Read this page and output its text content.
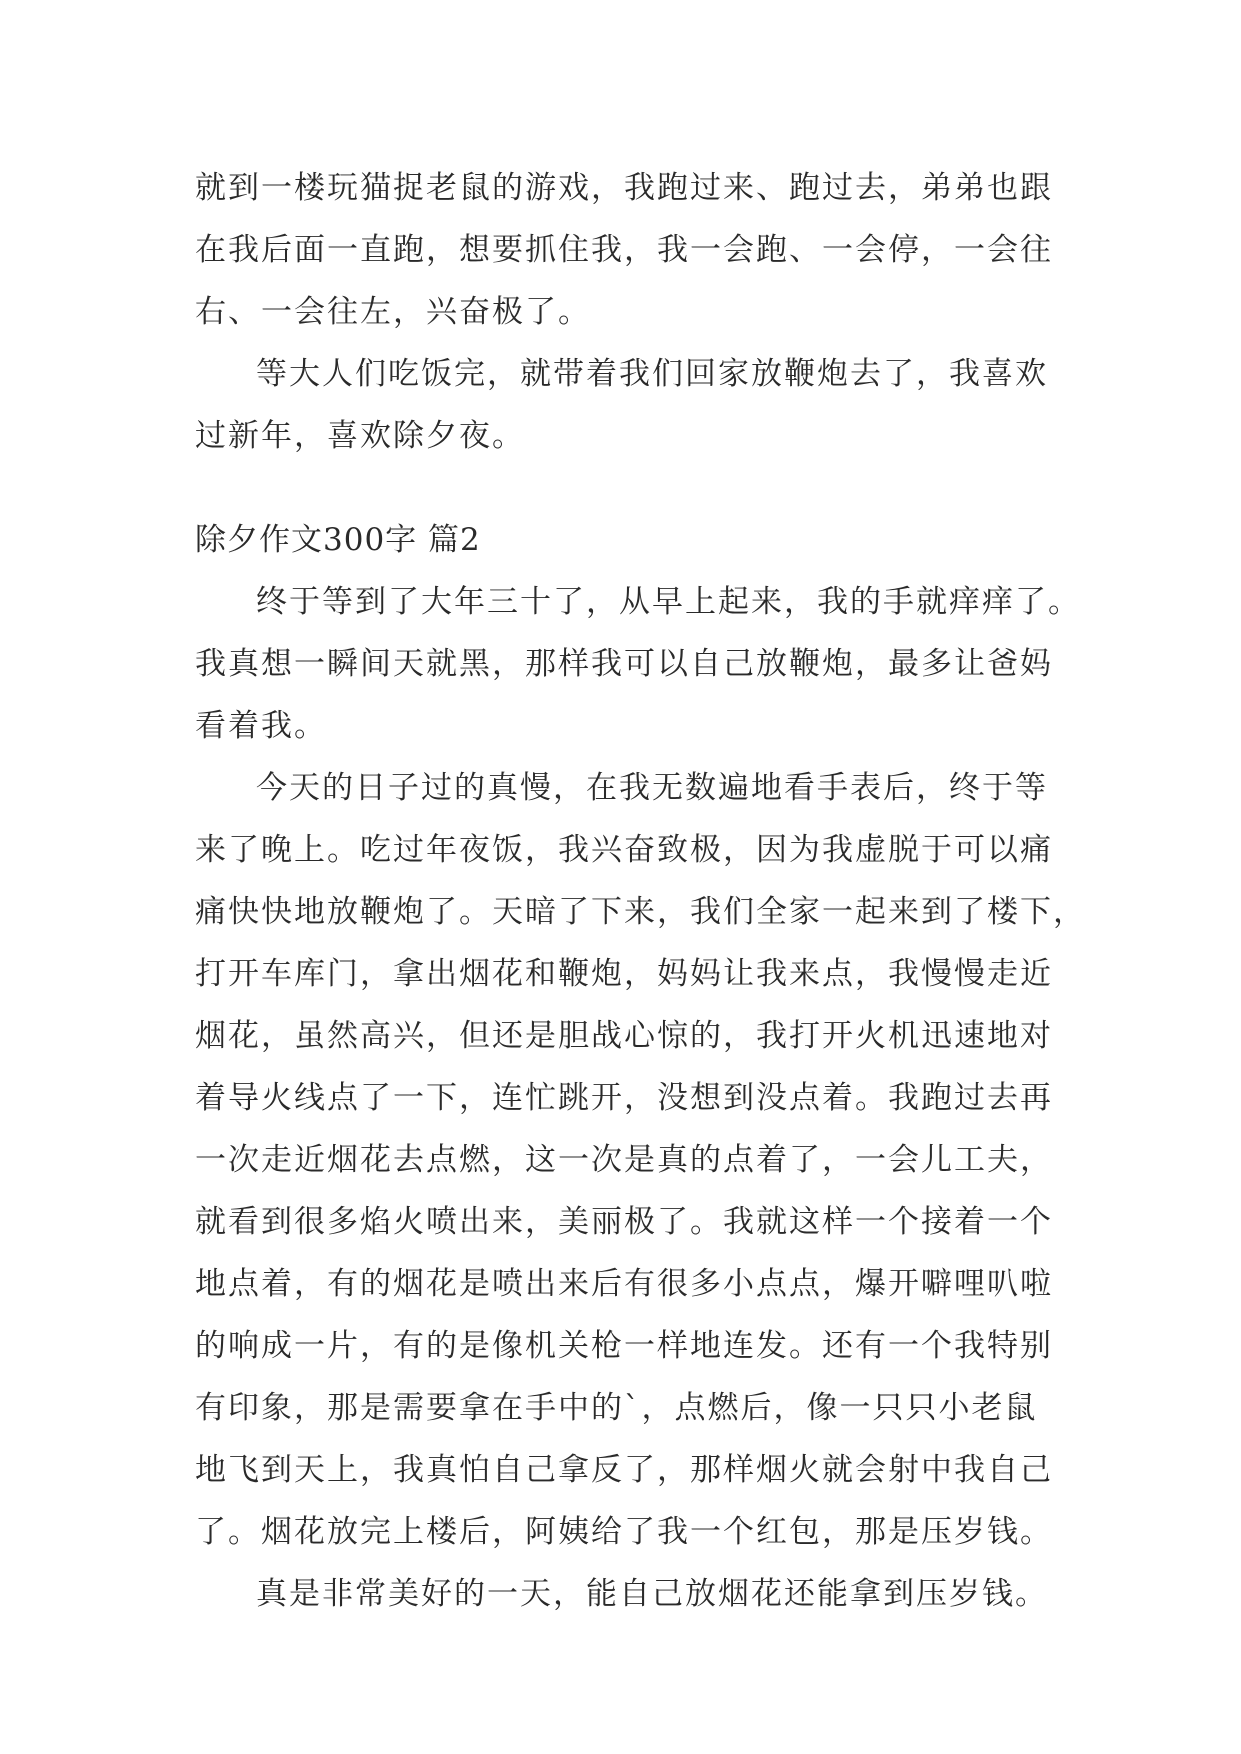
就到一楼玩猫捉老鼠的游戏，我跑过来、跑过去，弟弟也跟
在我后面一直跑，想要抓住我，我一会跑、一会停，一会往
右、一会往左，兴奋极了。
等大人们吃饭完，就带着我们回家放鞭炮去了，我喜欢
过新年，喜欢除夕夜。
除夕作文300字 篇2
终于等到了大年三十了，从早上起来，我的手就痒痒了。
我真想一瞬间天就黑，那样我可以自己放鞭炮，最多让爸妈
看着我。
今天的日子过的真慢，在我无数遍地看手表后，终于等
来了晚上。吃过年夜饭，我兴奋致极，因为我虚脱于可以痛
痛快快地放鞭炮了。天暗了下来，我们全家一起来到了楼下，
打开车库门，拿出烟花和鞭炮，妈妈让我来点，我慢慢走近
烟花，虽然高兴，但还是胆战心惊的，我打开火机迅速地对
着导火线点了一下，连忙跳开，没想到没点着。我跑过去再
一次走近烟花去点燃，这一次是真的点着了，一会儿工夫，
就看到很多焰火喷出来，美丽极了。我就这样一个接着一个
地点着，有的烟花是喷出来后有很多小点点，爆开噼哩叭啦
的响成一片，有的是像机关枪一样地连发。还有一个我特别
有印象，那是需要拿在手中的`，点燃后，像一只只小老鼠
地飞到天上，我真怕自己拿反了，那样烟火就会射中我自己
了。烟花放完上楼后，阿姨给了我一个红包，那是压岁钱。
真是非常美好的一天，能自己放烟花还能拿到压岁钱。
